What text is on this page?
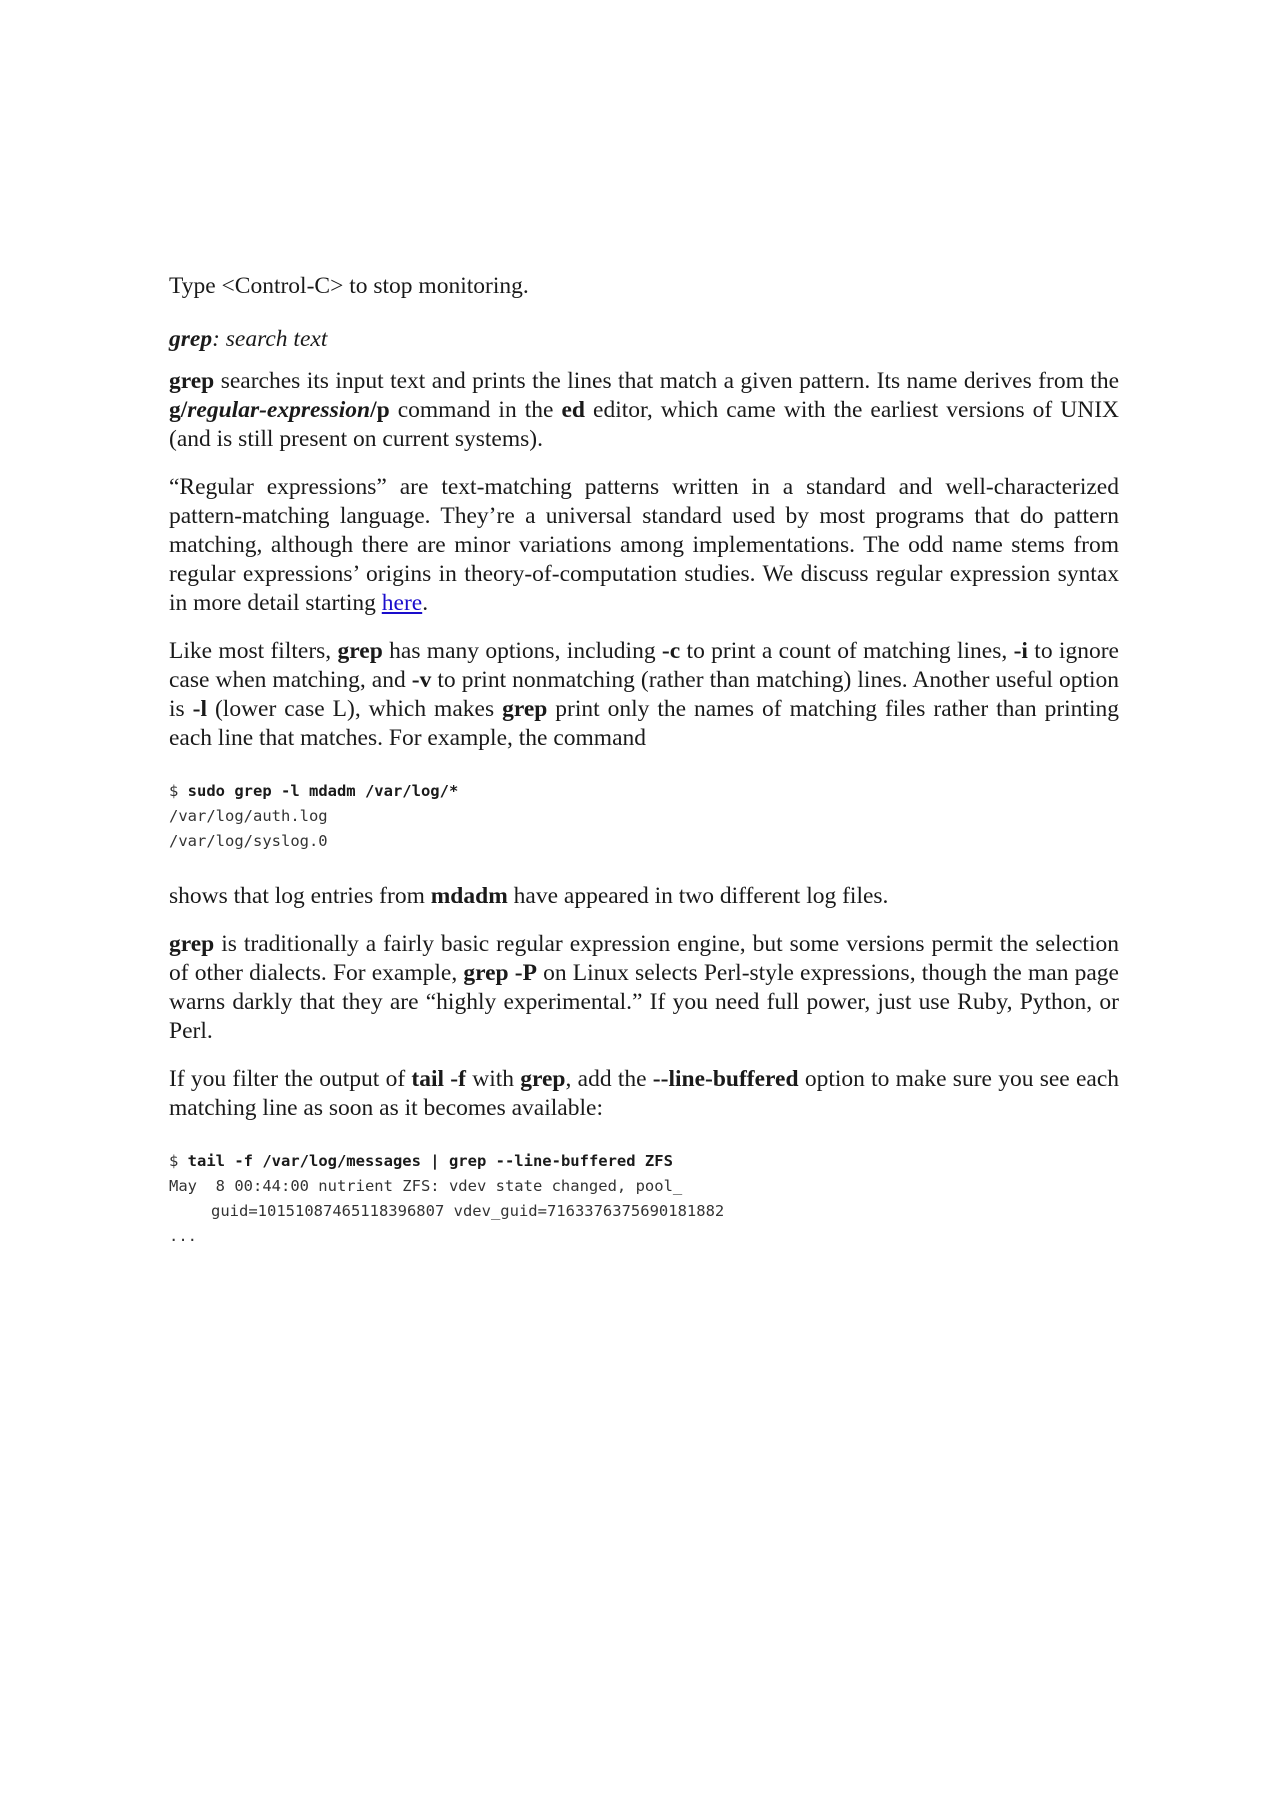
Type <Control-C> to stop monitoring.

grep: search text

grep searches its input text and prints the lines that match a given pattern. Its name derives from the g/regular-expression/p command in the ed editor, which came with the earliest versions of UNIX (and is still present on current systems).

“Regular expressions” are text-matching patterns written in a standard and well-characterized pattern-matching language. They’re a universal standard used by most programs that do pattern matching, although there are minor variations among implementations. The odd name stems from regular expressions’ origins in theory-of-computation studies. We discuss regular expression syntax in more detail starting here.

Like most filters, grep has many options, including -c to print a count of matching lines, -i to ignore case when matching, and -v to print nonmatching (rather than matching) lines. Another useful option is -l (lower case L), which makes grep print only the names of matching files rather than printing each line that matches. For example, the command

$ sudo grep -l mdadm /var/log/*
/var/log/auth.log
/var/log/syslog.0

shows that log entries from mdadm have appeared in two different log files.

grep is traditionally a fairly basic regular expression engine, but some versions permit the selection of other dialects. For example, grep -P on Linux selects Perl-style expressions, though the man page warns darkly that they are “highly experimental.” If you need full power, just use Ruby, Python, or Perl.

If you filter the output of tail -f with grep, add the --line-buffered option to make sure you see each matching line as soon as it becomes available:

$ tail -f /var/log/messages | grep --line-buffered ZFS
May  8 00:44:00 nutrient ZFS: vdev state changed, pool_
guid=10151087465118396807 vdev_guid=7163376375690181882
...
